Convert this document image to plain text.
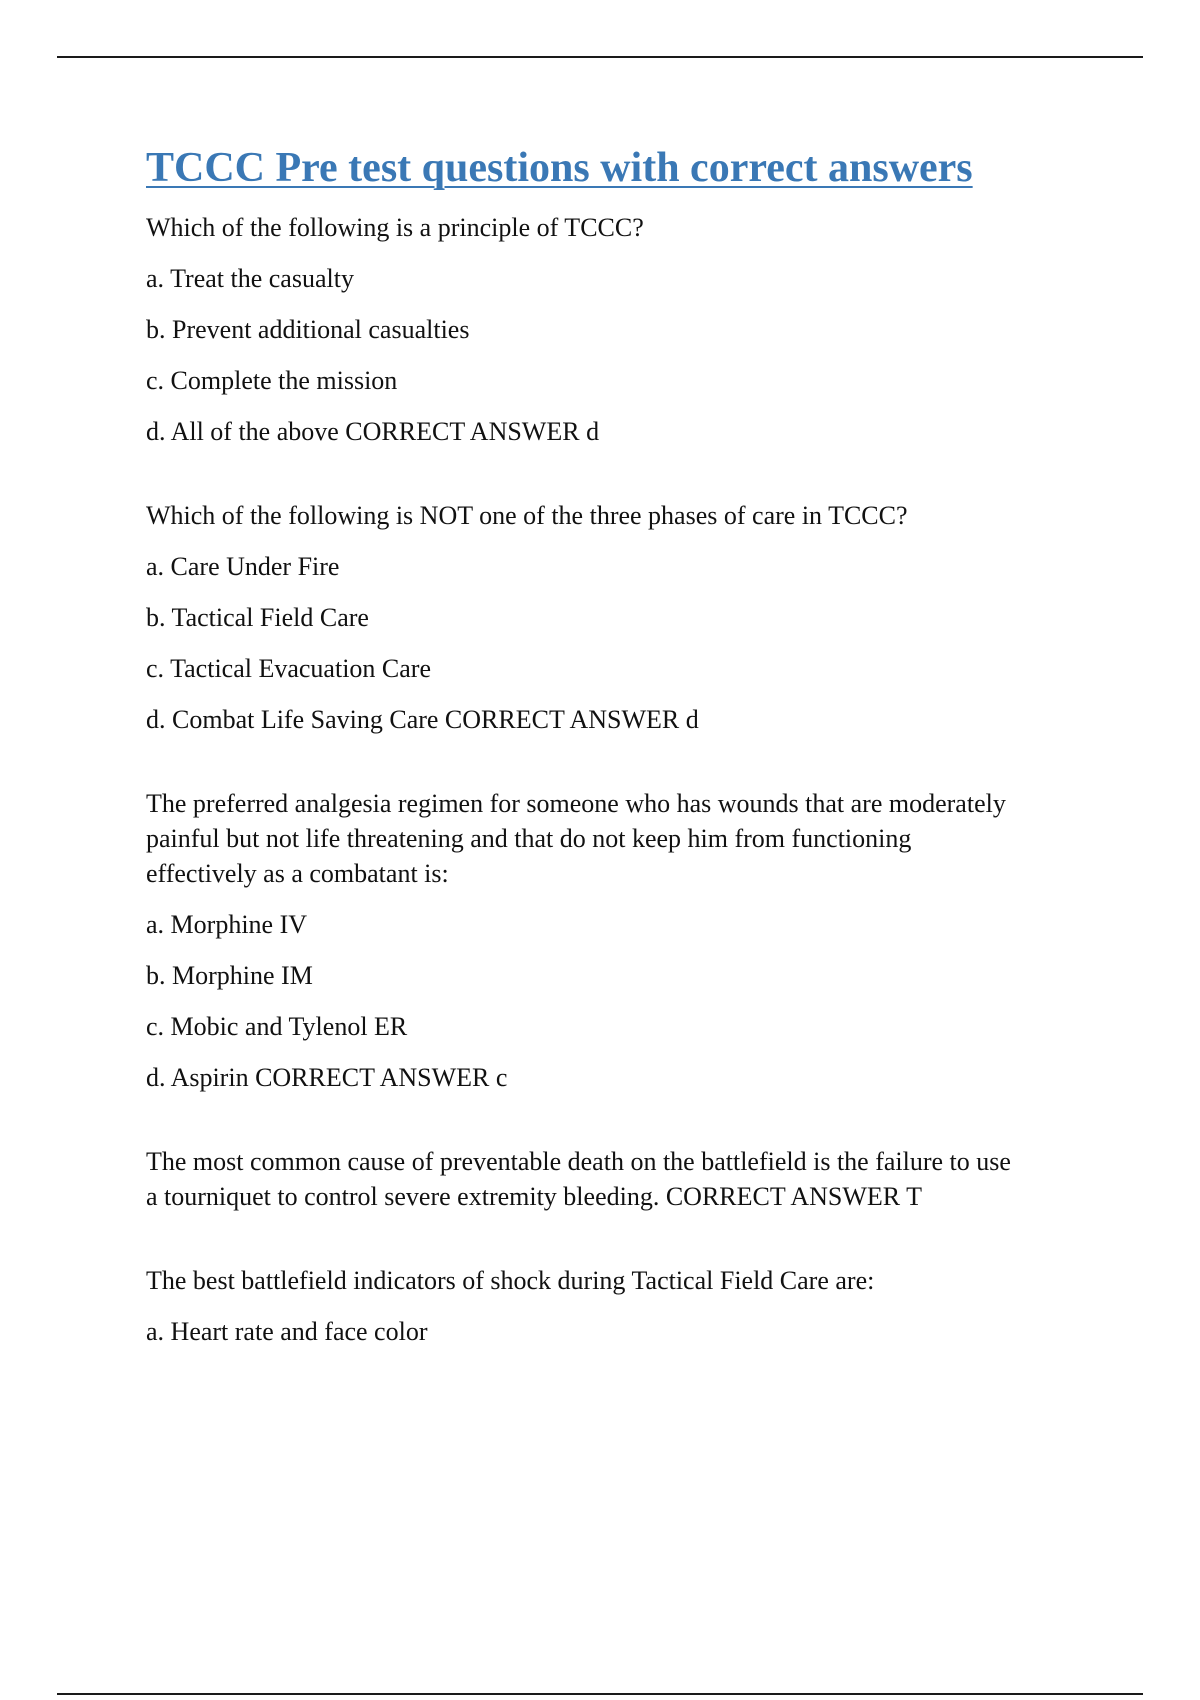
TCCC Pre test questions with correct answers

Which of the following is a principle of TCCC?

a. Treat the casualty

b. Prevent additional casualties

c. Complete the mission

d. All of the above CORRECT ANSWER d

Which of the following is NOT one of the three phases of care in TCCC?

a. Care Under Fire

b. Tactical Field Care

c. Tactical Evacuation Care

d. Combat Life Saving Care CORRECT ANSWER d

The preferred analgesia regimen for someone who has wounds that are moderately
painful but not life threatening and that do not keep him from functioning
effectively as a combatant is:

a. Morphine IV

b. Morphine IM

c. Mobic and Tylenol ER

d. Aspirin CORRECT ANSWER c

The most common cause of preventable death on the battlefield is the failure to use
a tourniquet to control severe extremity bleeding. CORRECT ANSWER T

The best battlefield indicators of shock during Tactical Field Care are:

a. Heart rate and face color
